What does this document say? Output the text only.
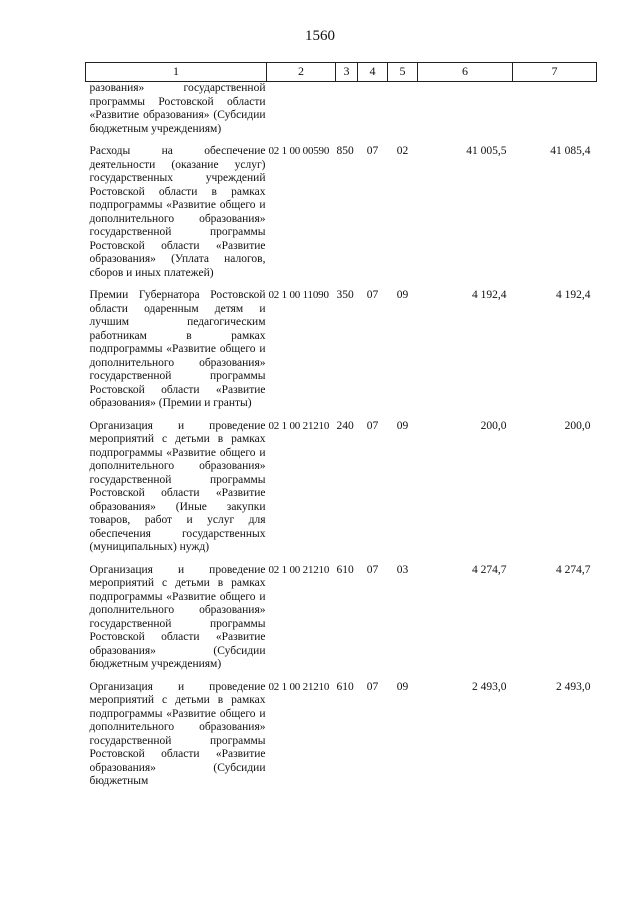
1560
1	2	3	4	5	6	7
разования» государственной программы Ростовской области «Развитие образования» (Субсидии бюджетным учреждениям)						

Расходы на обеспечение деятельности (оказание услуг) государственных учреждений Ростовской области в рамках подпрограммы «Развитие общего и дополнительного образования» государственной программы Ростовской области «Развитие образования» (Уплата налогов, сборов и иных платежей)	02 1 00 00590	850	07	02	41 005,5	41 085,4

Премии Губернатора Ростовской области одаренным детям и лучшим педагогическим работникам в рамках подпрограммы «Развитие общего и дополнительного образования» государственной программы Ростовской области «Развитие образования» (Премии и гранты)	02 1 00 11090	350	07	09	4 192,4	4 192,4

Организация и проведение мероприятий с детьми в рамках подпрограммы «Развитие общего и дополнительного образования» государственной программы Ростовской области «Развитие образования» (Иные закупки товаров, работ и услуг для обеспечения государственных (муниципальных) нужд)	02 1 00 21210	240	07	09	200,0	200,0

Организация и проведение мероприятий с детьми в рамках подпрограммы «Развитие общего и дополнительного образования» государственной программы Ростовской области «Развитие образования» (Субсидии бюджетным учреждениям)	02 1 00 21210	610	07	03	4 274,7	4 274,7

Организация и проведение мероприятий с детьми в рамках подпрограммы «Развитие общего и дополнительного образования» государственной программы Ростовской области «Развитие образования» (Субсидии бюджетным	02 1 00 21210	610	07	09	2 493,0	2 493,0
